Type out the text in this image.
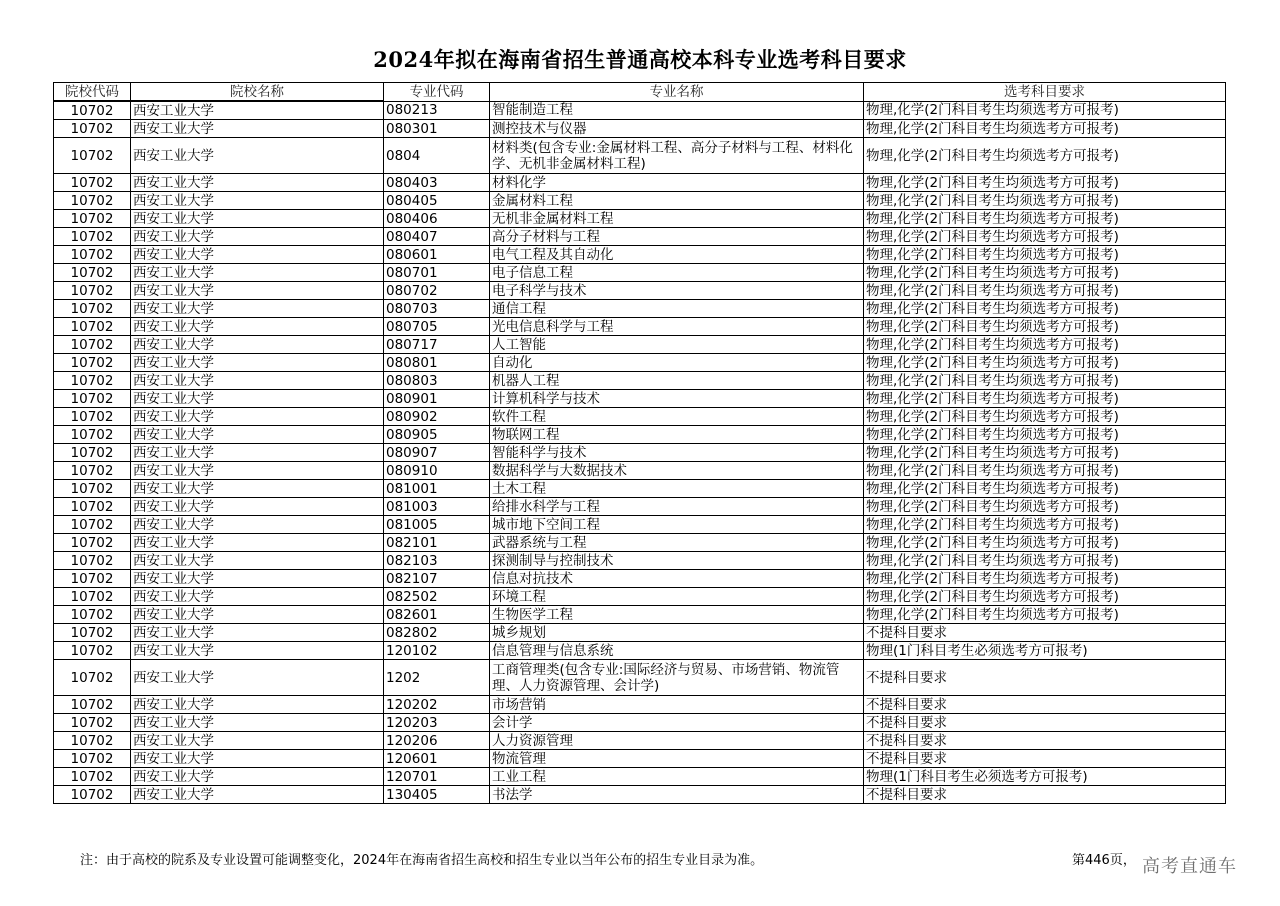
2024年拟在海南省招生普通高校本科专业选考科目要求
院校代码	院校名称	专业代码	专业名称	选考科目要求
10702	西安工业大学	080213	智能制造工程	物理,化学(2门科目考生均须选考方可报考)
10702	西安工业大学	080301	测控技术与仪器	物理,化学(2门科目考生均须选考方可报考)
10702	西安工业大学	0804	材料类(包含专业:金属材料工程、高分子材料与工程、材料化学、无机非金属材料工程)	物理,化学(2门科目考生均须选考方可报考)
10702	西安工业大学	080403	材料化学	物理,化学(2门科目考生均须选考方可报考)
10702	西安工业大学	080405	金属材料工程	物理,化学(2门科目考生均须选考方可报考)
10702	西安工业大学	080406	无机非金属材料工程	物理,化学(2门科目考生均须选考方可报考)
10702	西安工业大学	080407	高分子材料与工程	物理,化学(2门科目考生均须选考方可报考)
10702	西安工业大学	080601	电气工程及其自动化	物理,化学(2门科目考生均须选考方可报考)
10702	西安工业大学	080701	电子信息工程	物理,化学(2门科目考生均须选考方可报考)
10702	西安工业大学	080702	电子科学与技术	物理,化学(2门科目考生均须选考方可报考)
10702	西安工业大学	080703	通信工程	物理,化学(2门科目考生均须选考方可报考)
10702	西安工业大学	080705	光电信息科学与工程	物理,化学(2门科目考生均须选考方可报考)
10702	西安工业大学	080717	人工智能	物理,化学(2门科目考生均须选考方可报考)
10702	西安工业大学	080801	自动化	物理,化学(2门科目考生均须选考方可报考)
10702	西安工业大学	080803	机器人工程	物理,化学(2门科目考生均须选考方可报考)
10702	西安工业大学	080901	计算机科学与技术	物理,化学(2门科目考生均须选考方可报考)
10702	西安工业大学	080902	软件工程	物理,化学(2门科目考生均须选考方可报考)
10702	西安工业大学	080905	物联网工程	物理,化学(2门科目考生均须选考方可报考)
10702	西安工业大学	080907	智能科学与技术	物理,化学(2门科目考生均须选考方可报考)
10702	西安工业大学	080910	数据科学与大数据技术	物理,化学(2门科目考生均须选考方可报考)
10702	西安工业大学	081001	土木工程	物理,化学(2门科目考生均须选考方可报考)
10702	西安工业大学	081003	给排水科学与工程	物理,化学(2门科目考生均须选考方可报考)
10702	西安工业大学	081005	城市地下空间工程	物理,化学(2门科目考生均须选考方可报考)
10702	西安工业大学	082101	武器系统与工程	物理,化学(2门科目考生均须选考方可报考)
10702	西安工业大学	082103	探测制导与控制技术	物理,化学(2门科目考生均须选考方可报考)
10702	西安工业大学	082107	信息对抗技术	物理,化学(2门科目考生均须选考方可报考)
10702	西安工业大学	082502	环境工程	物理,化学(2门科目考生均须选考方可报考)
10702	西安工业大学	082601	生物医学工程	物理,化学(2门科目考生均须选考方可报考)
10702	西安工业大学	082802	城乡规划	不提科目要求
10702	西安工业大学	120102	信息管理与信息系统	物理(1门科目考生必须选考方可报考)
10702	西安工业大学	1202	工商管理类(包含专业:国际经济与贸易、市场营销、物流管理、人力资源管理、会计学)	不提科目要求
10702	西安工业大学	120202	市场营销	不提科目要求
10702	西安工业大学	120203	会计学	不提科目要求
10702	西安工业大学	120206	人力资源管理	不提科目要求
10702	西安工业大学	120601	物流管理	不提科目要求
10702	西安工业大学	120701	工业工程	物理(1门科目考生必须选考方可报考)
10702	西安工业大学	130405	书法学	不提科目要求
注：由于高校的院系及专业设置可能调整变化，2024年在海南省招生高校和招生专业以当年公布的招生专业目录为准。	第446页， 高考直通车
